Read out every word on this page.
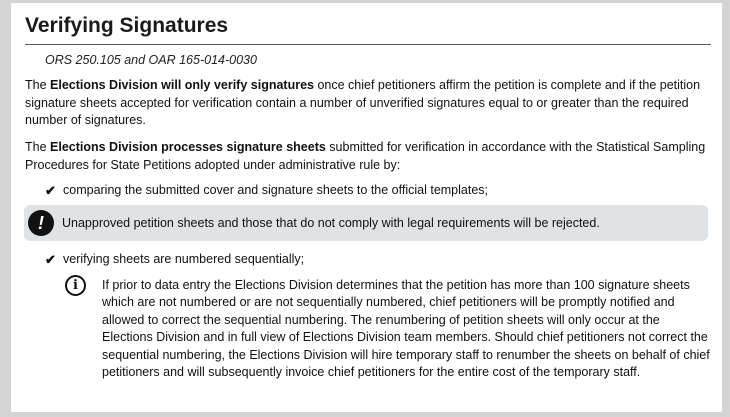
Verifying Signatures
ORS 250.105 and OAR 165-014-0030

The Elections Division will only verify signatures once chief petitioners affirm the petition is complete and if the petition signature sheets accepted for verification contain a number of unverified signatures equal to or greater than the required number of signatures.

The Elections Division processes signature sheets submitted for verification in accordance with the Statistical Sampling Procedures for State Petitions adopted under administrative rule by:

✔ comparing the submitted cover and signature sheets to the official templates;
!	Unapproved petition sheets and those that do not comply with legal requirements will be rejected.
✔ verifying sheets are numbered sequentially;
i	If prior to data entry the Elections Division determines that the petition has more than 100 signature sheets which are not numbered or are not sequentially numbered, chief petitioners will be promptly notified and allowed to correct the sequential numbering. The renumbering of petition sheets will only occur at the Elections Division and in full view of Elections Division team members. Should chief petitioners not correct the sequential numbering, the Elections Division will hire temporary staff to renumber the sheets on behalf of chief petitioners and will subsequently invoice chief petitioners for the entire cost of the temporary staff.
